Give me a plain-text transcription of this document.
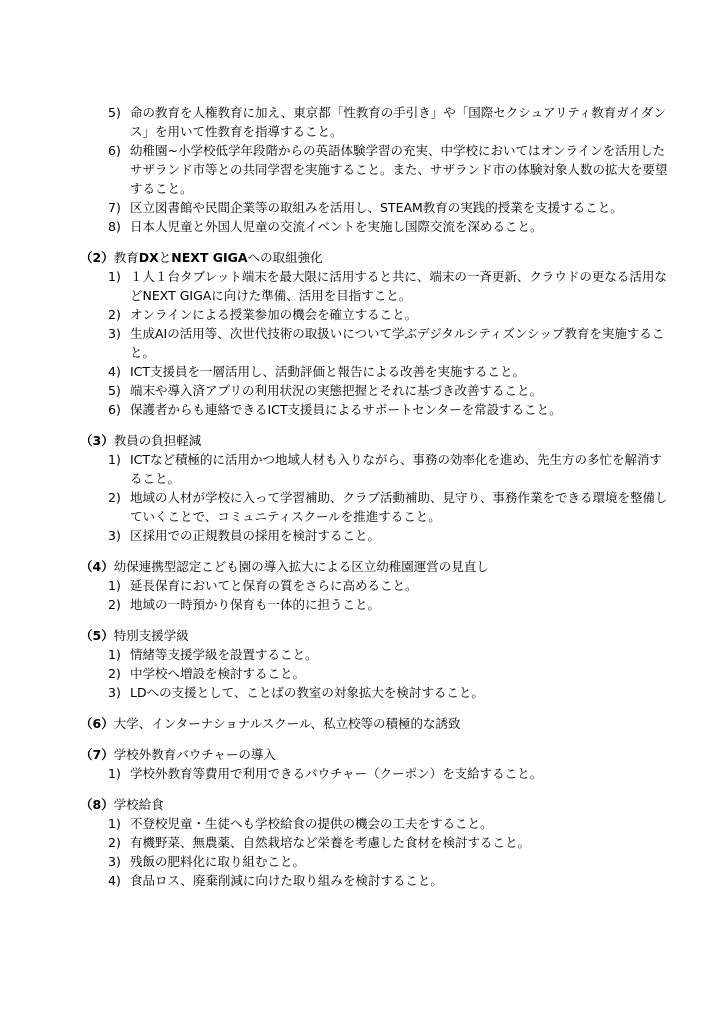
5) 命の教育を人権教育に加え、東京都「性教育の手引き」や「国際セクシュアリティ教育ガイダンス」を用いて性教育を指導すること。
6) 幼稚園~小学校低学年段階からの英語体験学習の充実、中学校においてはオンラインを活用したサザランド市等との共同学習を実施すること。また、サザランド市の体験対象人数の拡大を要望すること。
7) 区立図書館や民間企業等の取組みを活用し、STEAM教育の実践的授業を支援すること。
8) 日本人児童と外国人児童の交流イベントを実施し国際交流を深めること。
（2）教育DXとNEXT GIGAへの取組強化
1) １人１台タブレット端末を最大限に活用すると共に、端末の一斉更新、クラウドの更なる活用などNEXT GIGAに向けた準備、活用を目指すこと。
2) オンラインによる授業参加の機会を確立すること。
3) 生成AIの活用等、次世代技術の取扱いについて学ぶデジタルシティズンシップ教育を実施すること。
4) ICT支援員を一層活用し、活動評価と報告による改善を実施すること。
5) 端末や導入済アプリの利用状況の実態把握とそれに基づき改善すること。
6) 保護者からも連絡できるICT支援員によるサポートセンターを常設すること。
（3）教員の負担軽減
1) ICTなど積極的に活用かつ地域人材も入りながら、事務の効率化を進め、先生方の多忙を解消すること。
2) 地域の人材が学校に入って学習補助、クラブ活動補助、見守り、事務作業をできる環境を整備していくことで、コミュニティスクールを推進すること。
3) 区採用での正規教員の採用を検討すること。
（4）幼保連携型認定こども園の導入拡大による区立幼稚園運営の見直し
1) 延長保育においてと保育の質をさらに高めること。
2) 地域の一時預かり保育も一体的に担うこと。
（5）特別支援学級
1) 情緒等支援学級を設置すること。
2) 中学校へ増設を検討すること。
3) LDへの支援として、ことばの教室の対象拡大を検討すること。
（6）大学、インターナショナルスクール、私立校等の積極的な誘致
（7）学校外教育バウチャーの導入
1) 学校外教育等費用で利用できるバウチャー（クーポン）を支給すること。
（8）学校給食
1) 不登校児童・生徒へも学校給食の提供の機会の工夫をすること。
2) 有機野菜、無農薬、自然栽培など栄養を考慮した食材を検討すること。
3) 残飯の肥料化に取り組むこと。
4) 食品ロス、廃棄削減に向けた取り組みを検討すること。
